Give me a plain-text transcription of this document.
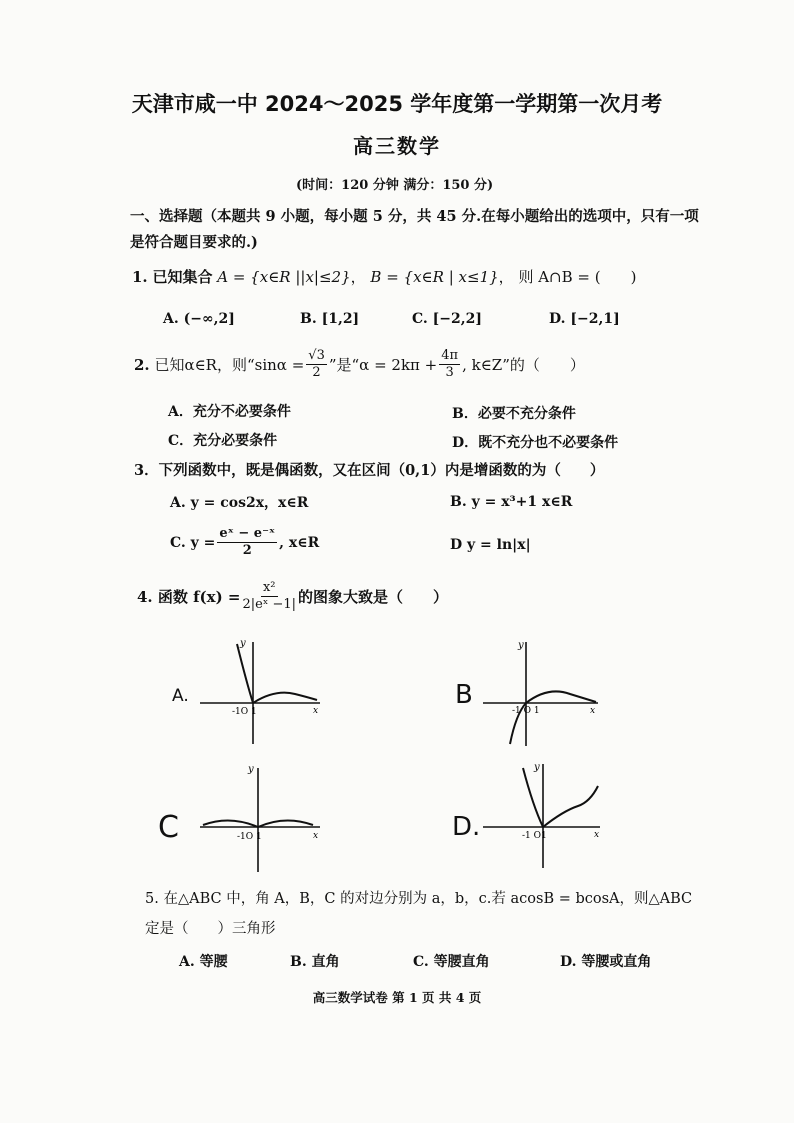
天津市咸一中 2024～2025 学年度第一学期第一次月考
高三数学
(时间：120 分钟 满分：150 分)
一、选择题（本题共 9 小题，每小题 5 分，共 45 分.在每小题给出的选项中，只有一项
是符合题目要求的.)
1. 已知集合 A = {x∈R ||x|≤2}， B = {x∈R | x≤1}， 则 A∩B = (　　)
A. (−∞,2]	B. [1,2]	C. [−2,2]	D. [−2,1]
2.
已知α∈R，则“$\sin\alpha = \frac{√3}{2}$ ”是“$\alpha = 2k\pi + \frac{4\pi}{3}$ , k∈Z”的（　　）
A．充分不必要条件	B．必要不充分条件
C．充分必要条件	D．既不充分也不必要条件
3．下列函数中，既是偶函数，又在区间（0,1）内是增函数的为（　　）
A. y = cos2x，x∈R	B. y = x³+1 x∈R
C.
$y = \frac{\text{eˣ − e⁻ˣ}}{2}$ , x∈R	D y = ln|x|
4. 函数 $f(x) = \frac{\text{x²}}{\text{2|eˣ −1|}}$ 的图象大致是（　　）
A.
y
x
-1O 1
B
y
x
-1 O 1
C
y
x
-1O 1	D.
y
x
-1 O1
5. 在△ABC 中，角 A，B，C 的对边分别为 a，b，c.若 acosB = bcosA，则△ABC
定是（　　）三角形
A. 等腰	B. 直角	C. 等腰直角	D. 等腰或直角
高三数学试卷 第 1 页 共 4 页
